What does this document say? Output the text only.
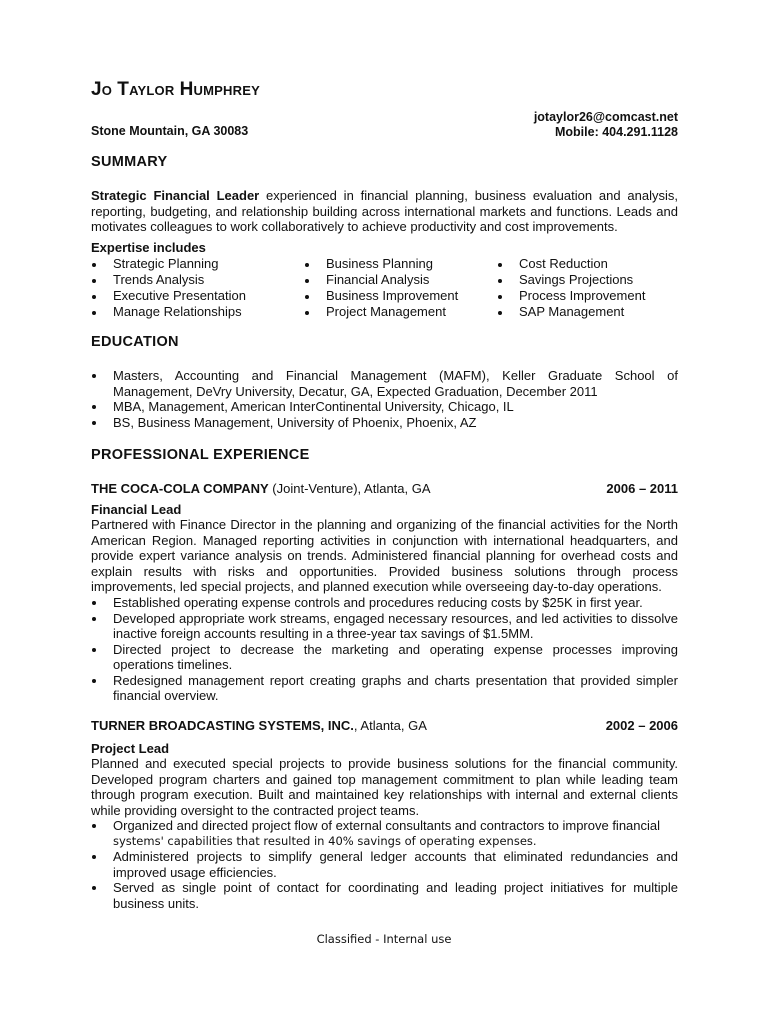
Jo Taylor Humphrey
Stone Mountain, GA 30083
jotaylor26@comcast.net
Mobile: 404.291.1128
SUMMARY
Strategic Financial Leader experienced in financial planning, business evaluation and analysis, reporting, budgeting, and relationship building across international markets and functions. Leads and motivates colleagues to work collaboratively to achieve productivity and cost improvements.
Expertise includes
Strategic Planning
Trends Analysis
Executive Presentation
Manage Relationships
Business Planning
Financial Analysis
Business Improvement
Project Management
Cost Reduction
Savings Projections
Process Improvement
SAP Management
EDUCATION
Masters, Accounting and Financial Management (MAFM), Keller Graduate School of Management, DeVry University, Decatur, GA, Expected Graduation, December 2011
MBA, Management, American InterContinental University, Chicago, IL
BS, Business Management, University of Phoenix, Phoenix, AZ
PROFESSIONAL EXPERIENCE
THE COCA-COLA COMPANY (Joint-Venture), Atlanta, GA	2006 – 2011
Financial Lead
Partnered with Finance Director in the planning and organizing of the financial activities for the North American Region. Managed reporting activities in conjunction with international headquarters, and provide expert variance analysis on trends. Administered financial planning for overhead costs and explain results with risks and opportunities. Provided business solutions through process improvements, led special projects, and planned execution while overseeing day-to-day operations.
Established operating expense controls and procedures reducing costs by $25K in first year.
Developed appropriate work streams, engaged necessary resources, and led activities to dissolve inactive foreign accounts resulting in a three-year tax savings of $1.5MM.
Directed project to decrease the marketing and operating expense processes improving operations timelines.
Redesigned management report creating graphs and charts presentation that provided simpler financial overview.
TURNER BROADCASTING SYSTEMS, INC., Atlanta, GA	2002 – 2006
Project Lead
Planned and executed special projects to provide business solutions for the financial community. Developed program charters and gained top management commitment to plan while leading team through program execution. Built and maintained key relationships with internal and external clients while providing oversight to the contracted project teams.
Organized and directed project flow of external consultants and contractors to improve financial
systems' capabilities that resulted in 40% savings of operating expenses.
Administered projects to simplify general ledger accounts that eliminated redundancies and improved usage efficiencies.
Served as single point of contact for coordinating and leading project initiatives for multiple business units.
Classified - Internal use
